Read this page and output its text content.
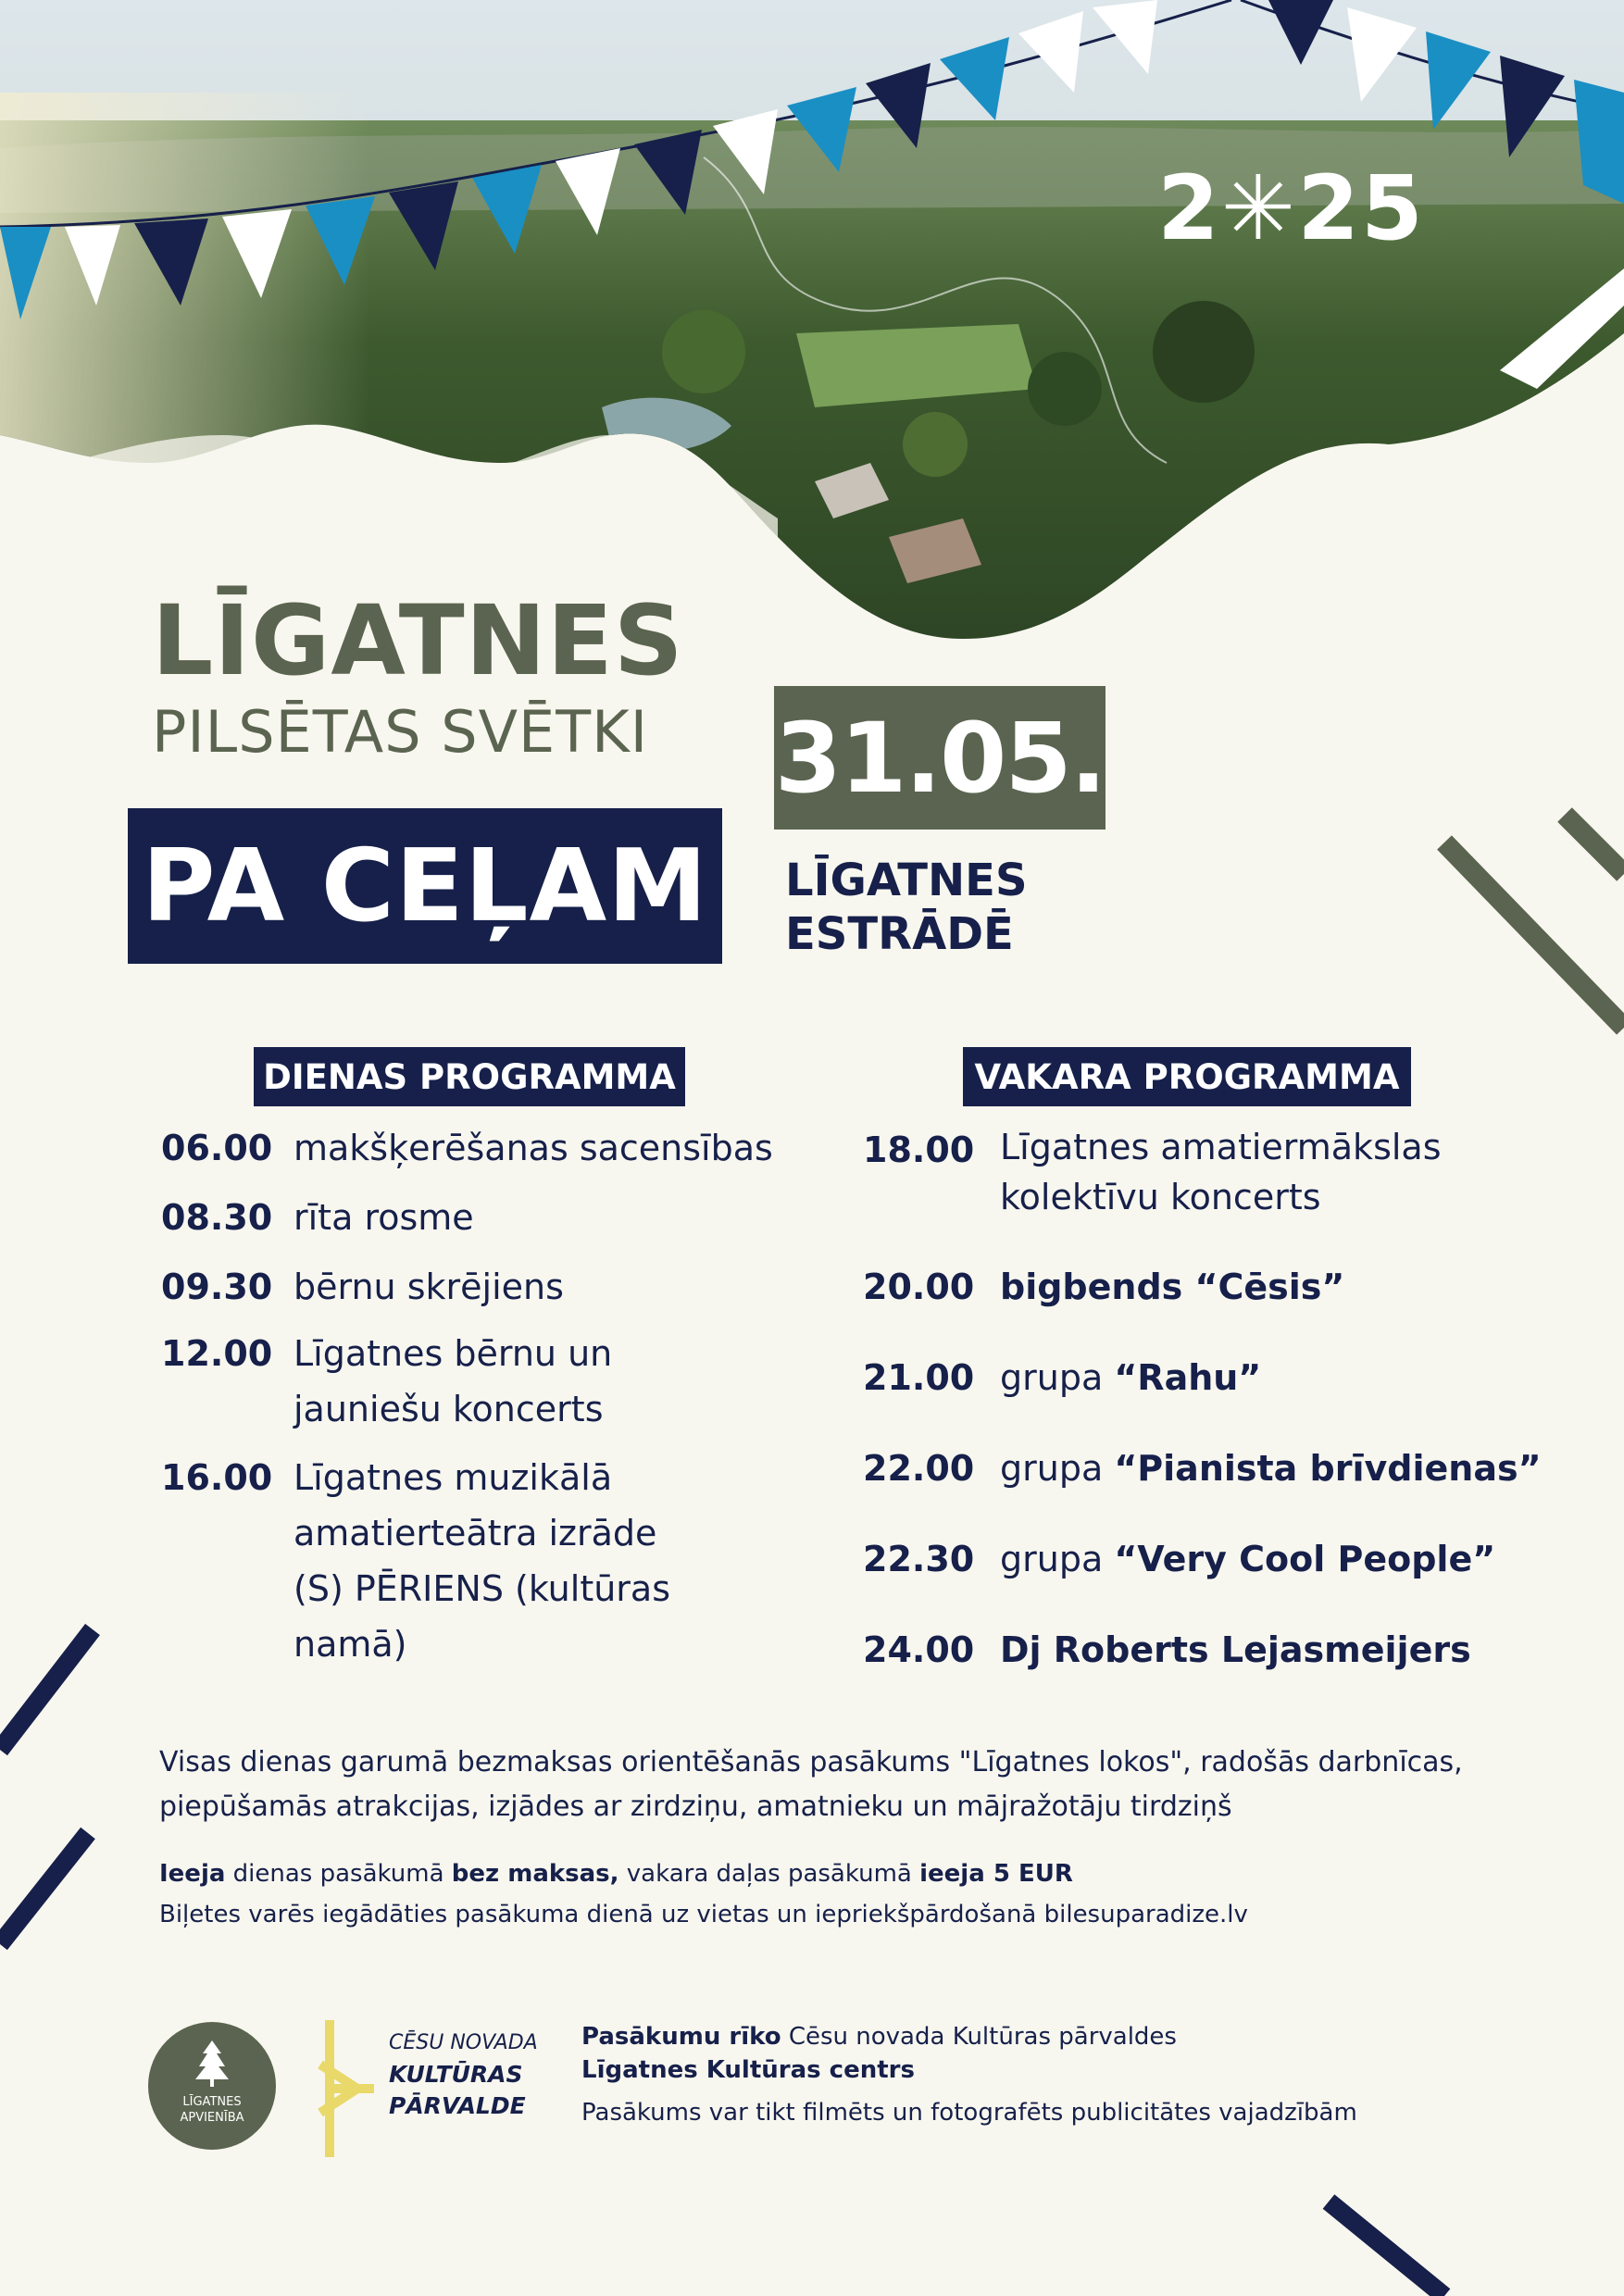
2✳25
LĪGATNES
PILSĒTAS SVĒTKI
PA CEĻAM
31.05.
LĪGATNES
ESTRĀDĒ
DIENAS PROGRAMMA
06.00 makšķerēšanas sacensības
08.30 rīta rosme
09.30 bērnu skrējiens
12.00 Līgatnes bērnu un
jauniešu koncerts
16.00 Līgatnes muzikālā
amatierteātra izrāde
(S) PĒRIENS (kultūras
namā)
VAKARA PROGRAMMA
18.00 Līgatnes amatiermākslas
kolektīvu koncerts
20.00 bigbends “Cēsis”
21.00 grupa “Rahu”
22.00 grupa “Pianista brīvdienas”
22.30 grupa “Very Cool People”
24.00 Dj Roberts Lejasmeijers
Visas dienas garumā bezmaksas orientēšanās pasākums "Līgatnes lokos", radošās darbnīcas,
piepūšamās atrakcijas, izjādes ar zirdziņu, amatnieku un mājražotāju tirdziņš
Ieeja dienas pasākumā bez maksas, vakara daļas pasākumā ieeja 5 EUR
Biļetes varēs iegādāties pasākuma dienā uz vietas un iepriekšpārdošanā bilesuparadize.lv
LĪGATNES
APVIENĪBA
CĒSU NOVADA
KULTŪRAS
PĀRVALDE
Pasākumu rīko Cēsu novada Kultūras pārvaldes
Līgatnes Kultūras centrs
Pasākums var tikt filmēts un fotografēts publicitātes vajadzībām
